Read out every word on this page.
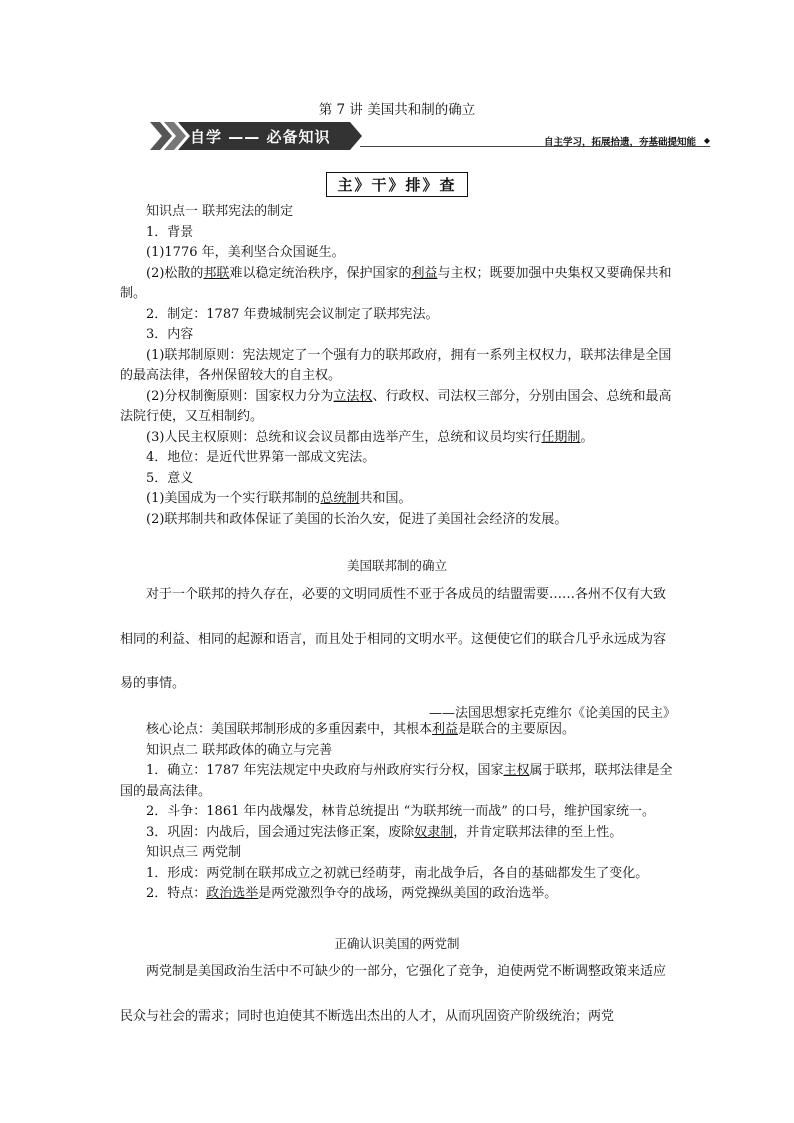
第 7 讲 美国共和制的确立
自学 —— 必备知识	自主学习，拓展拾遗，夯基础提知能 ◆
主》干》排》查

知识点一 联邦宪法的制定

1．背景

(1)1776 年，美利坚合众国诞生。

(2)松散的邦联难以稳定统治秩序，保护国家的利益与主权；既要加强中央集权又要确保共和制。

2．制定：1787 年费城制宪会议制定了联邦宪法。

3．内容

(1)联邦制原则：宪法规定了一个强有力的联邦政府，拥有一系列主权权力，联邦法律是全国的最高法律，各州保留较大的自主权。

(2)分权制衡原则：国家权力分为立法权、行政权、司法权三部分，分别由国会、总统和最高法院行使，又互相制约。

(3)人民主权原则：总统和议会议员都由选举产生，总统和议员均实行任期制。

4．地位：是近代世界第一部成文宪法。

5．意义

(1)美国成为一个实行联邦制的总统制共和国。

(2)联邦制共和政体保证了美国的长治久安，促进了美国社会经济的发展。

美国联邦制的确立

对于一个联邦的持久存在，必要的文明同质性不亚于各成员的结盟需要……各州不仅有大致相同的利益、相同的起源和语言，而且处于相同的文明水平。这便使它们的联合几乎永远成为容易的事情。

——法国思想家托克维尔《论美国的民主》

核心论点：美国联邦制形成的多重因素中，其根本利益是联合的主要原因。

知识点二 联邦政体的确立与完善

1．确立：1787 年宪法规定中央政府与州政府实行分权，国家主权属于联邦，联邦法律是全国的最高法律。

2．斗争：1861 年内战爆发，林肯总统提出 “为联邦统一而战” 的口号，维护国家统一。

3．巩固：内战后，国会通过宪法修正案，废除奴隶制，并肯定联邦法律的至上性。

知识点三 两党制

1．形成：两党制在联邦成立之初就已经萌芽，南北战争后，各自的基础都发生了变化。

2．特点：政治选举是两党激烈争夺的战场，两党操纵美国的政治选举。

正确认识美国的两党制

两党制是美国政治生活中不可缺少的一部分，它强化了竞争，迫使两党不断调整政策来适应民众与社会的需求；同时也迫使其不断选出杰出的人才，从而巩固资产阶级统治；两党
